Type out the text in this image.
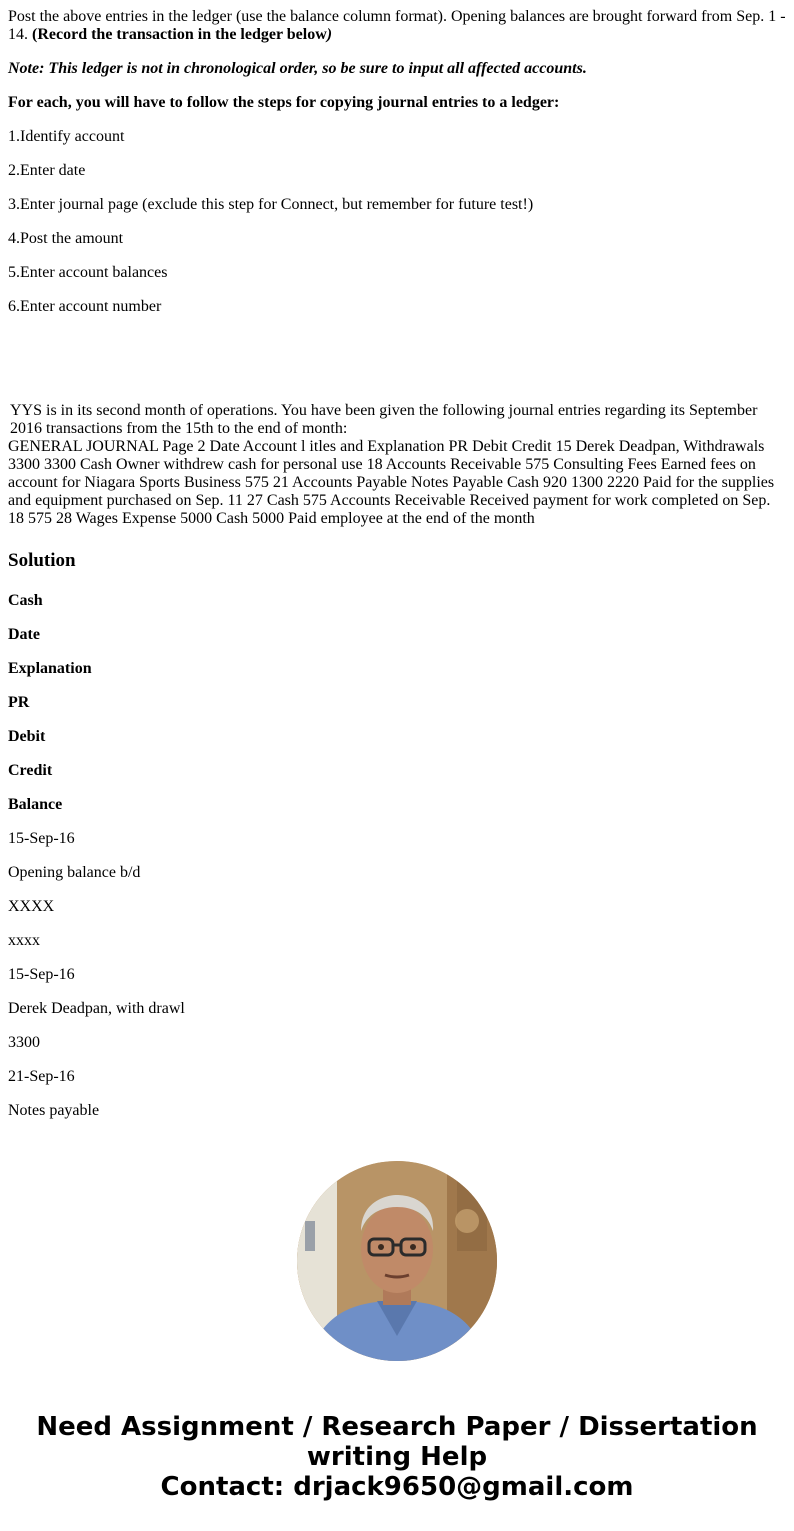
Post the above entries in the ledger (use the balance column format). Opening balances are brought forward from Sep. 1 - 14. (Record the transaction in the ledger below)

Note: This ledger is not in chronological order, so be sure to input all affected accounts.

For each, you will have to follow the steps for copying journal entries to a ledger:

1.Identify account

2.Enter date

3.Enter journal page (exclude this step for Connect, but remember for future test!)

4.Post the amount

5.Enter account balances

6.Enter account number

YYS is in its second month of operations. You have been given the following journal entries regarding its September 2016 transactions from the 15th to the end of month:
GENERAL JOURNAL Page 2 Date Account l itles and Explanation PR Debit Credit 15 Derek Deadpan, Withdrawals 3300 3300 Cash Owner withdrew cash for personal use 18 Accounts Receivable 575 Consulting Fees Earned fees on account for Niagara Sports Business 575 21 Accounts Payable Notes Payable Cash 920 1300 2220 Paid for the supplies and equipment purchased on Sep. 11 27 Cash 575 Accounts Receivable Received payment for work completed on Sep. 18 575 28 Wages Expense 5000 Cash 5000 Paid employee at the end of the month
Solution

Cash

Date

Explanation

PR

Debit

Credit

Balance

15-Sep-16

Opening balance b/d

XXXX

xxxx

15-Sep-16

Derek Deadpan, with drawl

3300

21-Sep-16

Notes payable

Need Assignment / Research Paper / Dissertation
writing Help
Contact: drjack9650@gmail.com
